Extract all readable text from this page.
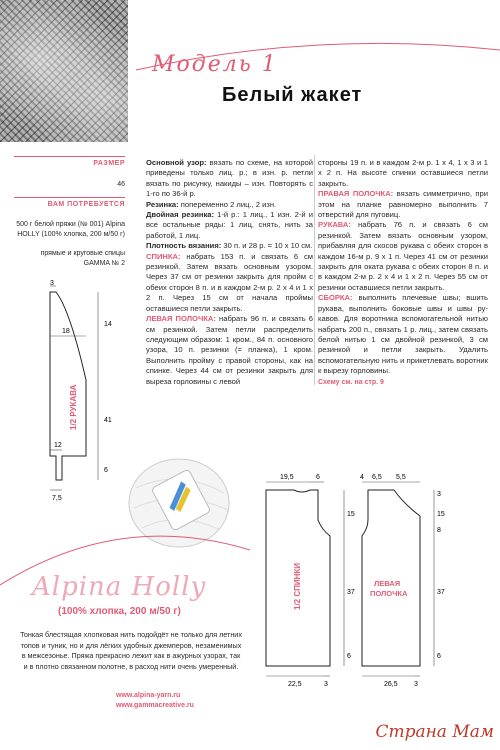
Модель 1
Белый жакет
РАЗМЕР
46
ВАМ ПОТРЕБУЕТСЯ
500 г белой пряжи (№ 001) Alpina
HOLLY (100% хлопка, 200 м/50 г)
прямые и круговые спицы
GAMMA № 2
3
18
14
41
12
6
7,5
1/2 РУКАВА

Основной узор: вязать по схеме, на которой приведены только лиц. р.; в изн. р. петли вязать по рисунку, накиды – изн. Повторять с 1-го по 36-й р.

Резинка: попеременно 2 лиц., 2 изн.

Двойная резинка: 1-й р.: 1 лиц., 1 изн. 2-й и все остальные ряды: 1 лиц. снять, нить за работой, 1 лиц.

Плотность вязания: 30 п. и 28 р. = 10 х 10 см.

СПИНКА: набрать 153 п. и связать 6 см резинкой. Затем вязать основным узором. Через 37 см от резинки закрыть для пройм с обеих сторон 8 п. и в каждом 2-м р. 2 х 4 и 1 х 2 п. Через 15 см от начала проймы оставшиеся петли закрыть.

ЛЕВАЯ ПОЛОЧКА: набрать 96 п. и связать 6 см резинкой. Затем петли распределить следующим образом: 1 кром., 84 п. основного узора, 10 п. резинки (= планка), 1 кром. Выполнить пройму с правой стороны, как на спинке. Через 44 см от резинки закрыть для выреза горловины с левой

стороны 19 п. и в каждом 2-м р. 1 х 4, 1 х 3 и 1 х 2 п. На высоте спинки оставшиеся петли закрыть.

ПРАВАЯ ПОЛОЧКА: вязать симметрично, при этом на планке равномерно выполнить 7 отверстий для пуговиц.

РУКАВА: набрать 76 п. и связать 6 см резинкой. Затем вязать основным узором, прибавляя для скосов рукава с обеих сторон в каждом 16-м р. 9 х 1 п. Через 41 см от резинки закрыть для оката рукава с обеих сторон 8 п. и в каждом 2-м р. 2 х 4 и 1 х 2 п. Через 55 см от резинки оставшиеся петли закрыть.

СБОРКА: выполнить плечевые швы; вшить рукава, выполнить боковые швы и швы рукавов. Для воротника вспомогательной нитью набрать 200 п., связать 1 р. лиц., затем связать белой нитью 1 см двойной резинкой, 3 см резинкой и петли закрыть. Удалить вспомогательную нить и прикетлевать воротник к вырезу горловины.

Схему см. на стр. 9

19,5	6
15
37
6
22,5	3
1/2 СПИНКИ
4 6,5 5,5
3
15
8
37
6
26,5 3
ЛЕВАЯ
ПОЛОЧКА
Alpina Holly
(100% хлопка, 200 м/50 г)
Тонкая блестящая хлопковая нить подойдёт не только для летних топов и туник, но и для лёгких удобных джемперов, незаменимых в межсезонье. Пряжа прекрасно лежит как в ажурных узорах, так и в плотно связанном полотне, в расход нити очень умеренный.
www.alpina-yarn.ru
www.gammacreative.ru
Страна Мам
